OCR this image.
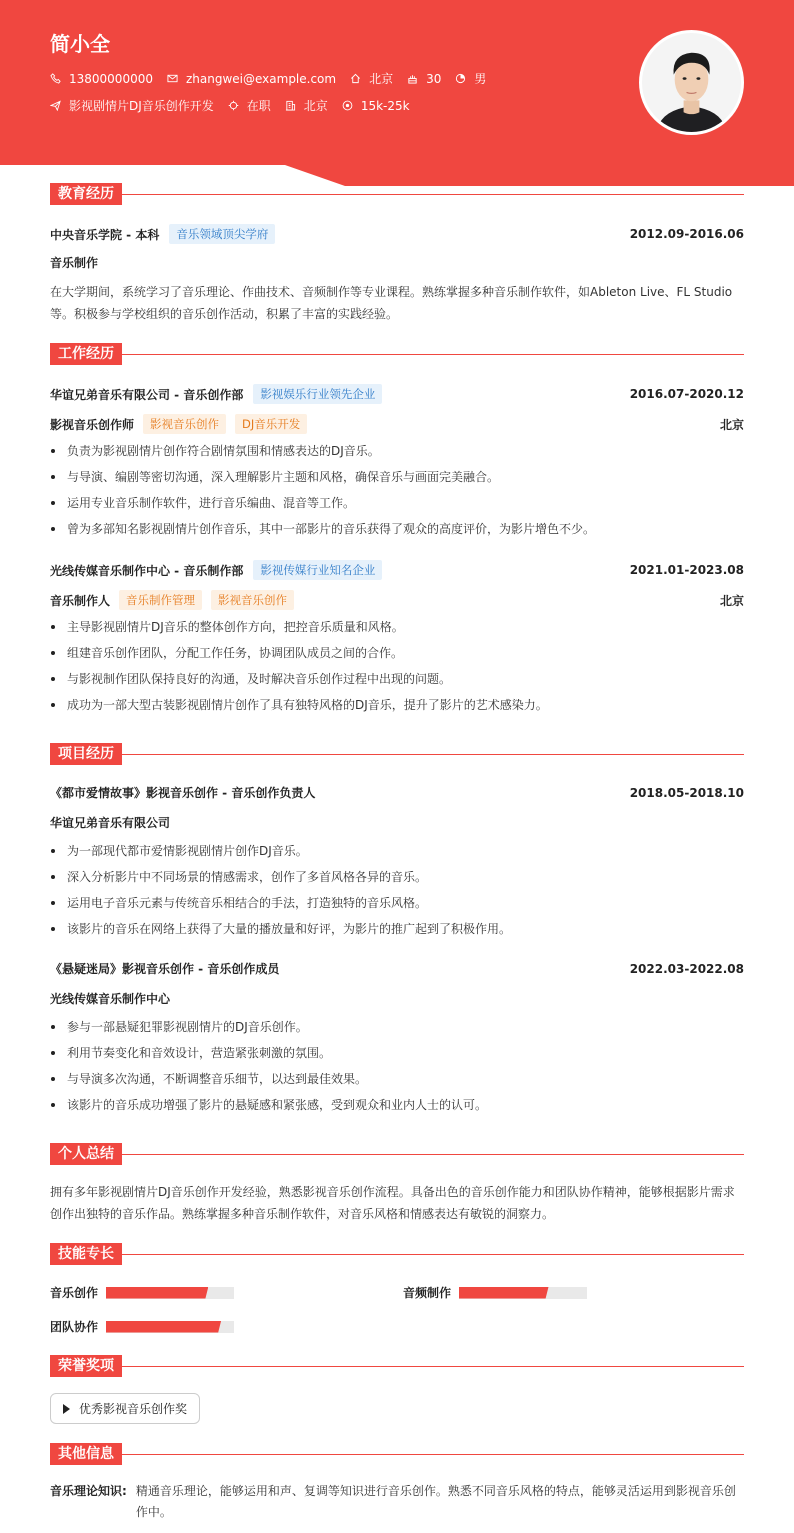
简小全
13800000000	zhangwei@example.com	北京	30	男
影视剧情片DJ音乐创作开发	在职	北京	15k-25k
教育经历
中央音乐学院 - 本科	音乐领域顶尖学府	2012.09-2016.06
音乐制作
在大学期间，系统学习了音乐理论、作曲技术、音频制作等专业课程。熟练掌握多种音乐制作软件，如Ableton Live、FL Studio等。积极参与学校组织的音乐创作活动，积累了丰富的实践经验。
工作经历
华谊兄弟音乐有限公司 - 音乐创作部	影视娱乐行业领先企业	2016.07-2020.12
影视音乐创作师	影视音乐创作	DJ音乐开发	北京
负责为影视剧情片创作符合剧情氛围和情感表达的DJ音乐。
与导演、编剧等密切沟通，深入理解影片主题和风格，确保音乐与画面完美融合。
运用专业音乐制作软件，进行音乐编曲、混音等工作。
曾为多部知名影视剧情片创作音乐，其中一部影片的音乐获得了观众的高度评价，为影片增色不少。
光线传媒音乐制作中心 - 音乐制作部	影视传媒行业知名企业	2021.01-2023.08
音乐制作人	音乐制作管理	影视音乐创作	北京
主导影视剧情片DJ音乐的整体创作方向，把控音乐质量和风格。
组建音乐创作团队，分配工作任务，协调团队成员之间的合作。
与影视制作团队保持良好的沟通，及时解决音乐创作过程中出现的问题。
成功为一部大型古装影视剧情片创作了具有独特风格的DJ音乐，提升了影片的艺术感染力。
项目经历
《都市爱情故事》影视音乐创作 - 音乐创作负责人	2018.05-2018.10
华谊兄弟音乐有限公司
为一部现代都市爱情影视剧情片创作DJ音乐。
深入分析影片中不同场景的情感需求，创作了多首风格各异的音乐。
运用电子音乐元素与传统音乐相结合的手法，打造独特的音乐风格。
该影片的音乐在网络上获得了大量的播放量和好评，为影片的推广起到了积极作用。
《悬疑迷局》影视音乐创作 - 音乐创作成员	2022.03-2022.08
光线传媒音乐制作中心
参与一部悬疑犯罪影视剧情片的DJ音乐创作。
利用节奏变化和音效设计，营造紧张刺激的氛围。
与导演多次沟通，不断调整音乐细节，以达到最佳效果。
该影片的音乐成功增强了影片的悬疑感和紧张感，受到观众和业内人士的认可。
个人总结
拥有多年影视剧情片DJ音乐创作开发经验，熟悉影视音乐创作流程。具备出色的音乐创作能力和团队协作精神，能够根据影片需求创作出独特的音乐作品。熟练掌握多种音乐制作软件，对音乐风格和情感表达有敏锐的洞察力。
技能专长
音乐创作	音频制作
团队协作
荣誉奖项
优秀影视音乐创作奖
其他信息
音乐理论知识: 精通音乐理论，能够运用和声、复调等知识进行音乐创作。熟悉不同音乐风格的特点，能够灵活运用到影视音乐创作中。
